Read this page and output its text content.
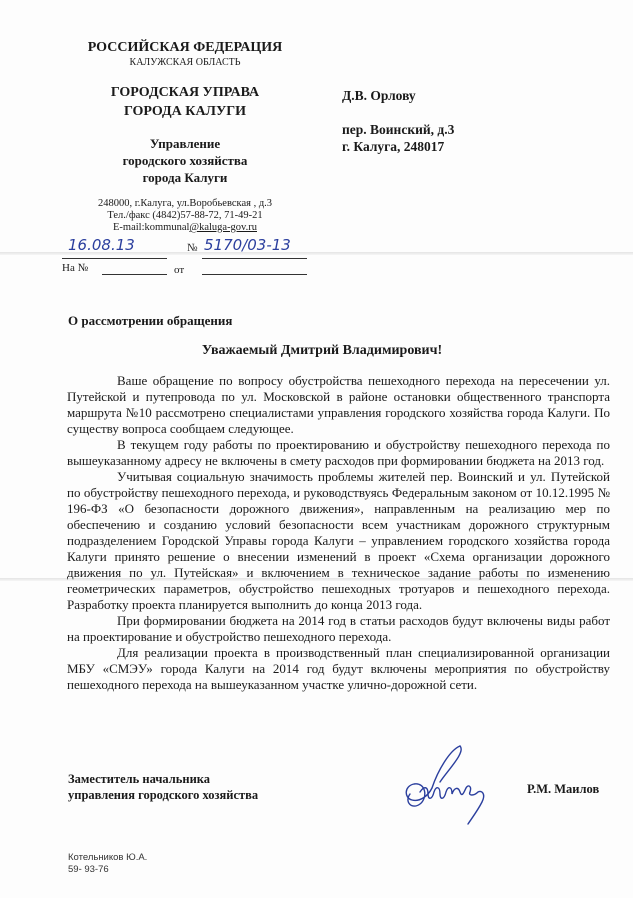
РОССИЙСКАЯ ФЕДЕРАЦИЯ
КАЛУЖСКАЯ ОБЛАСТЬ
ГОРОДСКАЯ УПРАВА
ГОРОДА КАЛУГИ
Управление
городского хозяйства
города Калуги
248000, г.Калуга, ул.Воробьевская , д.3
Тел./факс (4842)57-88-72, 71-49-21
E-mail:kommunal@kaluga-gov.ru
16.08.13	№ 5170/03-13
На №	от
Д.В. Орлову
пер. Воинский, д.3
г. Калуга, 248017
О рассмотрении обращения
Уважаемый Дмитрий Владимирович!

Ваше обращение по вопросу обустройства пешеходного перехода на пересечении ул. Путейской и путепровода по ул. Московской в районе остановки общественного транспорта маршрута №10 рассмотрено специалистами управления городского хозяйства города Калуги. По существу вопроса сообщаем следующее.

В текущем году работы по проектированию и обустройству пешеходного перехода по вышеуказанному адресу не включены в смету расходов при формировании бюджета на 2013 год.

Учитывая социальную значимость проблемы жителей пер. Воинский и ул. Путейской по обустройству пешеходного перехода, и руководствуясь Федеральным законом от 10.12.1995 № 196-ФЗ «О безопасности дорожного движения», направленным на реализацию мер по обеспечению и созданию условий безопасности всем участникам дорожного структурным подразделением Городской Управы города Калуги – управлением городского хозяйства города Калуги принято решение о внесении изменений в проект «Схема организации дорожного движения по ул. Путейская» и включением в техническое задание работы по изменению геометрических параметров, обустройство пешеходных тротуаров и пешеходного перехода. Разработку проекта планируется выполнить до конца 2013 года.

При формировании бюджета на 2014 год в статьи расходов будут включены виды работ на проектирование и обустройство пешеходного перехода.

Для реализации проекта в производственный план специализированной организации МБУ «СМЭУ» города Калуги на 2014 год будут включены мероприятия по обустройству пешеходного перехода на вышеуказанном участке улично-дорожной сети.

Заместитель начальника
управления городского хозяйства	Р.М. Маилов
Котельников Ю.А.
59- 93-76
